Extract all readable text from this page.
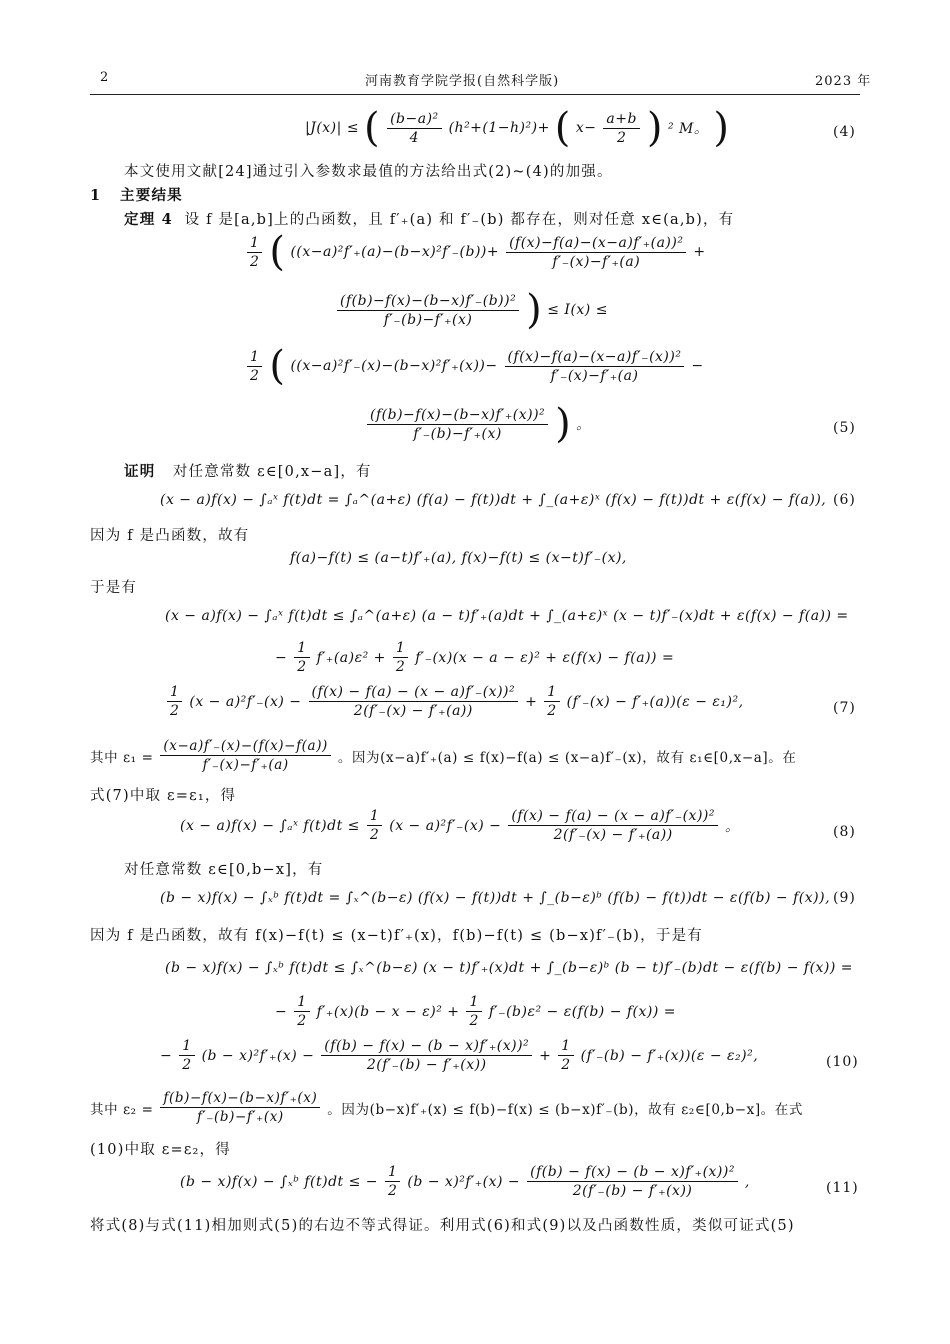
2	河南教育学院学报(自然科学版)	2023 年
|J(x)| ≤ ( $\frac{\text{(b−a)²}}{4} (h^2+(1-h)^2)+$ ( $x- \frac{a+b}{2}$ ) ² M。 )	(4)
本文使用文献[24]通过引入参数求最值的方法给出式(2)~(4)的加强。
1 主要结果
定理 4 设 f 是[a,b]上的凸函数，且 f′₊(a) 和 f′₋(b) 都存在，则对任意 x∈(a,b)，有
$\frac{1}{2}$ ( $((x-a)^2f'_+(a)-(b-x)^2f'_-(b))+ \frac{\text{(f(x)−f(a)−(x−a)f′₊(a))²}}{f'_-(x)-f'_+(a)}$ +
$\frac{\text{(f(b)−f(x)−(b−x)f′₋(b))²}}{f'_-(b)-f'_+(x)}$ ) ≤ I(x) ≤
$\frac{1}{2}$ ( $((x-a)^2f'_-(x)-(b-x)^2f'_+(x))- \frac{\text{(f(x)−f(a)−(x−a)f′₋(x))²}}{f'_-(x)-f'_+(a)}$ −
$\frac{\text{(f(b)−f(x)−(b−x)f′₊(x))²}}{f'_-(b)-f'_+(x)}$ ) 。	(5)
证明 对任意常数 ε∈[0,x−a]，有
(x − a)f(x) − ∫ₐˣ f(t)dt = ∫ₐ^(a+ε) (f(a) − f(t))dt + ∫_(a+ε)ˣ (f(x) − f(t))dt + ε(f(x) − f(a)), (6)
因为 f 是凸函数，故有
f(a)−f(t) ≤ (a−t)f′₊(a), f(x)−f(t) ≤ (x−t)f′₋(x),
于是有
(x − a)f(x) − ∫ₐˣ f(t)dt ≤ ∫ₐ^(a+ε) (a − t)f′₊(a)dt + ∫_(a+ε)ˣ (x − t)f′₋(x)dt + ε(f(x) − f(a)) =
− $\frac{1}{2} f'_+(a)\varepsilon^2 + \frac{1}{2} f'_-(x)(x - a - \varepsilon)^2 + \varepsilon(f(x) - f(a))$ =
$\frac{1}{2} (x - a)^2f'_-(x) - \frac{\text{(f(x) − f(a) − (x − a)f′₋(x))²}}{2(f'_-(x) - f'_+(a))} + \frac{1}{2} (f'_-(x) - f'_+(a))(\varepsilon - \varepsilon_1)^2$,	(7)
其中 $\varepsilon_1 = \frac{(x-a)f'_-(x)-(f(x)-f(a))}{f'_-(x)-f'_+(a)}$ 。因为(x−a)f′₊(a) ≤ f(x)−f(a) ≤ (x−a)f′₋(x)，故有 ε₁∈[0,x−a]。在
式(7)中取 ε=ε₁，得
(x − a)f(x) − ∫ₐˣ $f(t)dt \le \frac{1}{2} (x - a)^2f'_-(x) - \frac{\text{(f(x) − f(a) − (x − a)f′₋(x))²}}{2(f'_-(x) - f'_+(a))}$ 。	(8)
对任意常数 ε∈[0,b−x]，有
(b − x)f(x) − ∫ₓᵇ f(t)dt = ∫ₓ^(b−ε) (f(x) − f(t))dt + ∫_(b−ε)ᵇ (f(b) − f(t))dt − ε(f(b) − f(x)), (9)
因为 f 是凸函数，故有 f(x)−f(t) ≤ (x−t)f′₊(x)，f(b)−f(t) ≤ (b−x)f′₋(b)，于是有
(b − x)f(x) − ∫ₓᵇ f(t)dt ≤ ∫ₓ^(b−ε) (x − t)f′₊(x)dt + ∫_(b−ε)ᵇ (b − t)f′₋(b)dt − ε(f(b) − f(x)) =
− $\frac{1}{2} f'_+(x)(b - x - \varepsilon)^2 + \frac{1}{2} f'_-(b)\varepsilon^2 - \varepsilon(f(b) - f(x))$ =
− $\frac{1}{2} (b - x)^2f'_+(x) - \frac{\text{(f(b) − f(x) − (b − x)f′₊(x))²}}{2(f'_-(b) - f'_+(x))} + \frac{1}{2} (f'_-(b) - f'_+(x))(\varepsilon - \varepsilon_2)^2$,	(10)
其中 $\varepsilon_2 = \frac{f(b)-f(x)-(b-x)f'_+(x)}{f'_-(b)-f'_+(x)}$ 。因为(b−x)f′₊(x) ≤ f(b)−f(x) ≤ (b−x)f′₋(b)，故有 ε₂∈[0,b−x]。在式
(10)中取 ε=ε₂，得
(b − x)f(x) − ∫ₓᵇ f(t)dt ≤ − $\frac{1}{2} (b - x)^2f'_+(x) - \frac{\text{(f(b) − f(x) − (b − x)f′₊(x))²}}{2(f'_-(b) - f'_+(x))}$ ,	(11)
将式(8)与式(11)相加则式(5)的右边不等式得证。利用式(6)和式(9)以及凸函数性质，类似可证式(5)
